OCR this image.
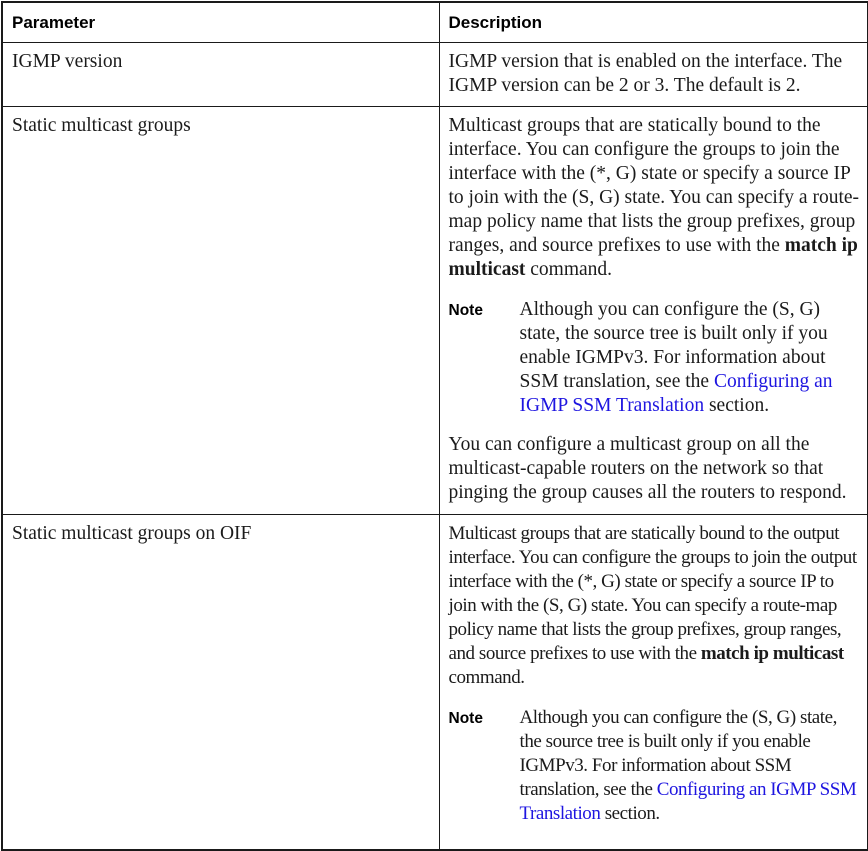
Parameter	Description
IGMP version	IGMP version that is enabled on the interface. The IGMP version can be 2 or 3. The default is 2.

Static multicast groups	Multicast groups that are statically bound to the interface. You can configure the groups to join the interface with the (*, G) state or specify a source IP to join with the (S, G) state. You can specify a route-map policy name that lists the group prefixes, group ranges, and source prefixes to use with the match ip multicast command.

Note Although you can configure the (S, G) state, the source tree is built only if you enable IGMPv3. For information about SSM translation, see the Configuring an IGMP SSM Translation section.

You can configure a multicast group on all the multicast-capable routers on the network so that pinging the group causes all the routers to respond.

Static multicast groups on OIF	Multicast groups that are statically bound to the output interface. You can configure the groups to join the output interface with the (*, G) state or specify a source IP to join with the (S, G) state. You can specify a route-map policy name that lists the group prefixes, group ranges, and source prefixes to use with the match ip multicast command.

Note Although you can configure the (S, G) state, the source tree is built only if you enable IGMPv3. For information about SSM translation, see the Configuring an IGMP SSM Translation section.
